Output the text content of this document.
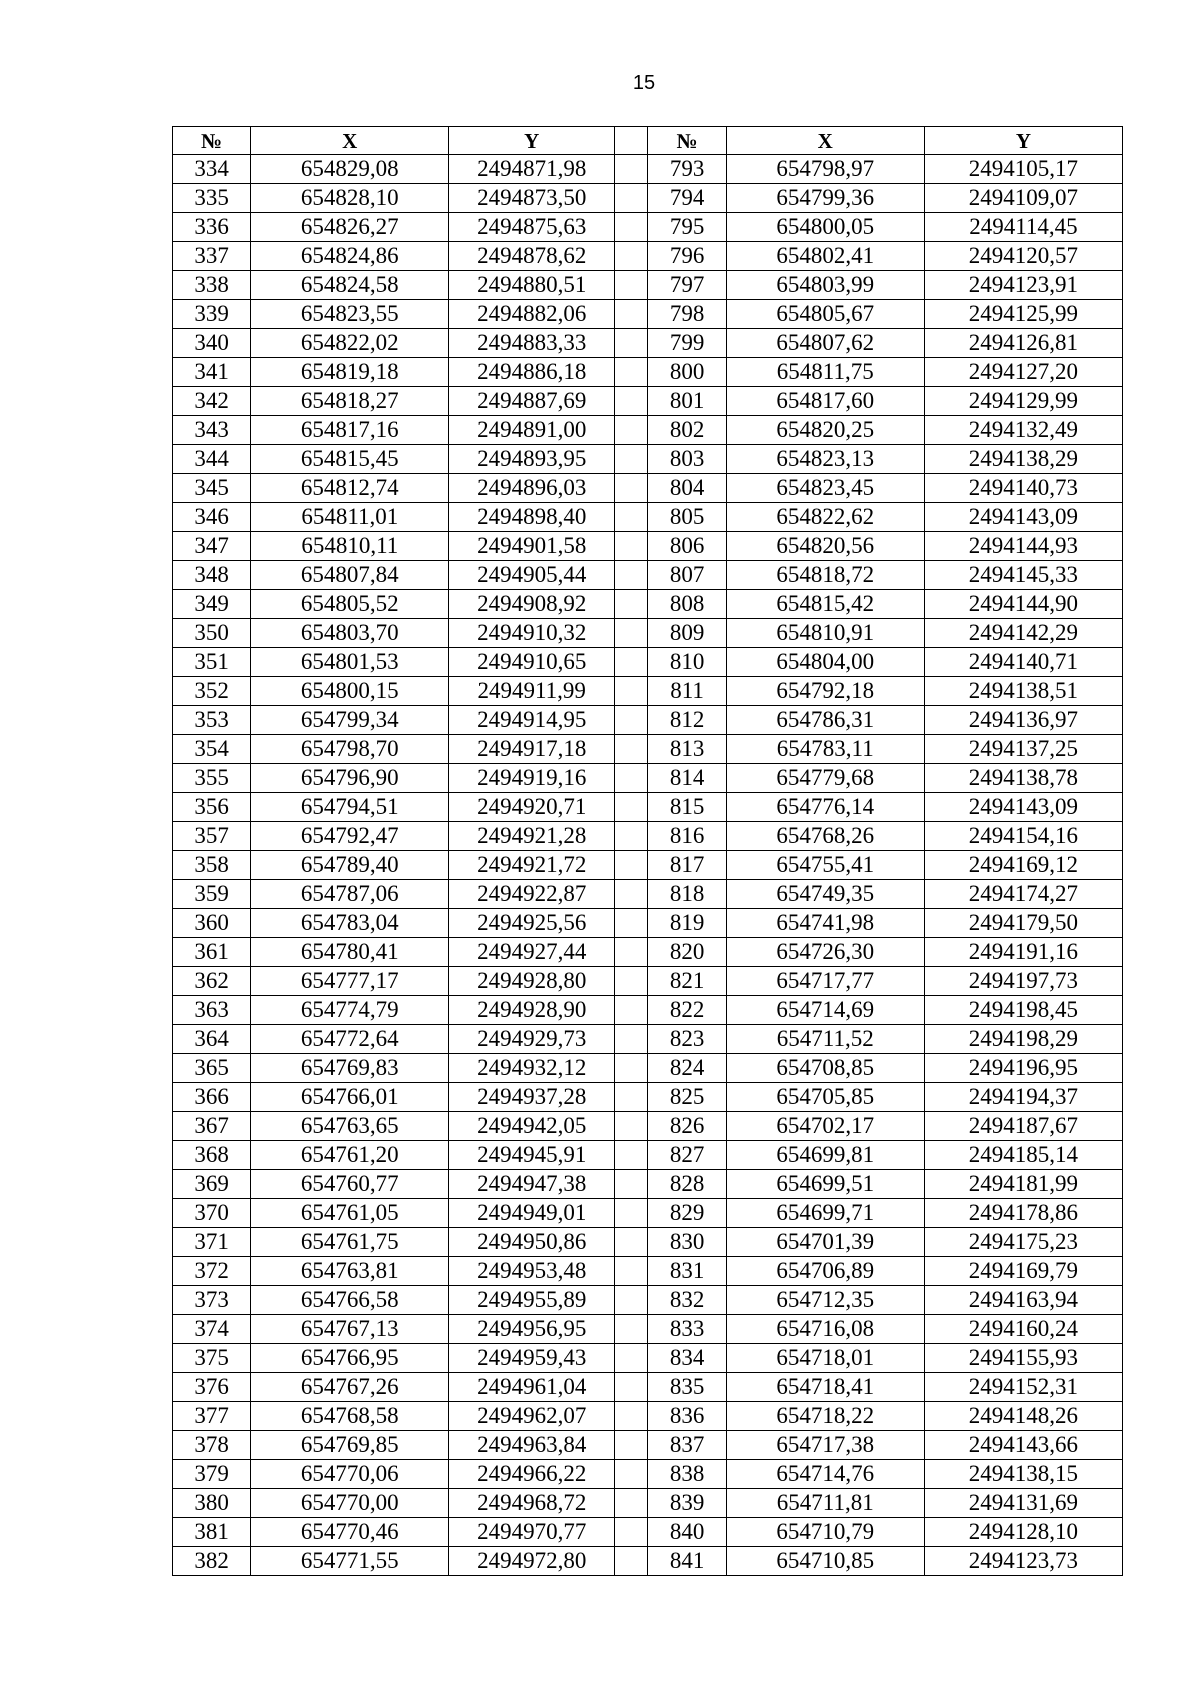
15
№	X	Y		№	X	Y
334	654829,08	2494871,98		793	654798,97	2494105,17
335	654828,10	2494873,50		794	654799,36	2494109,07
336	654826,27	2494875,63		795	654800,05	2494114,45
337	654824,86	2494878,62		796	654802,41	2494120,57
338	654824,58	2494880,51		797	654803,99	2494123,91
339	654823,55	2494882,06		798	654805,67	2494125,99
340	654822,02	2494883,33		799	654807,62	2494126,81
341	654819,18	2494886,18		800	654811,75	2494127,20
342	654818,27	2494887,69		801	654817,60	2494129,99
343	654817,16	2494891,00		802	654820,25	2494132,49
344	654815,45	2494893,95		803	654823,13	2494138,29
345	654812,74	2494896,03		804	654823,45	2494140,73
346	654811,01	2494898,40		805	654822,62	2494143,09
347	654810,11	2494901,58		806	654820,56	2494144,93
348	654807,84	2494905,44		807	654818,72	2494145,33
349	654805,52	2494908,92		808	654815,42	2494144,90
350	654803,70	2494910,32		809	654810,91	2494142,29
351	654801,53	2494910,65		810	654804,00	2494140,71
352	654800,15	2494911,99		811	654792,18	2494138,51
353	654799,34	2494914,95		812	654786,31	2494136,97
354	654798,70	2494917,18		813	654783,11	2494137,25
355	654796,90	2494919,16		814	654779,68	2494138,78
356	654794,51	2494920,71		815	654776,14	2494143,09
357	654792,47	2494921,28		816	654768,26	2494154,16
358	654789,40	2494921,72		817	654755,41	2494169,12
359	654787,06	2494922,87		818	654749,35	2494174,27
360	654783,04	2494925,56		819	654741,98	2494179,50
361	654780,41	2494927,44		820	654726,30	2494191,16
362	654777,17	2494928,80		821	654717,77	2494197,73
363	654774,79	2494928,90		822	654714,69	2494198,45
364	654772,64	2494929,73		823	654711,52	2494198,29
365	654769,83	2494932,12		824	654708,85	2494196,95
366	654766,01	2494937,28		825	654705,85	2494194,37
367	654763,65	2494942,05		826	654702,17	2494187,67
368	654761,20	2494945,91		827	654699,81	2494185,14
369	654760,77	2494947,38		828	654699,51	2494181,99
370	654761,05	2494949,01		829	654699,71	2494178,86
371	654761,75	2494950,86		830	654701,39	2494175,23
372	654763,81	2494953,48		831	654706,89	2494169,79
373	654766,58	2494955,89		832	654712,35	2494163,94
374	654767,13	2494956,95		833	654716,08	2494160,24
375	654766,95	2494959,43		834	654718,01	2494155,93
376	654767,26	2494961,04		835	654718,41	2494152,31
377	654768,58	2494962,07		836	654718,22	2494148,26
378	654769,85	2494963,84		837	654717,38	2494143,66
379	654770,06	2494966,22		838	654714,76	2494138,15
380	654770,00	2494968,72		839	654711,81	2494131,69
381	654770,46	2494970,77		840	654710,79	2494128,10
382	654771,55	2494972,80		841	654710,85	2494123,73
